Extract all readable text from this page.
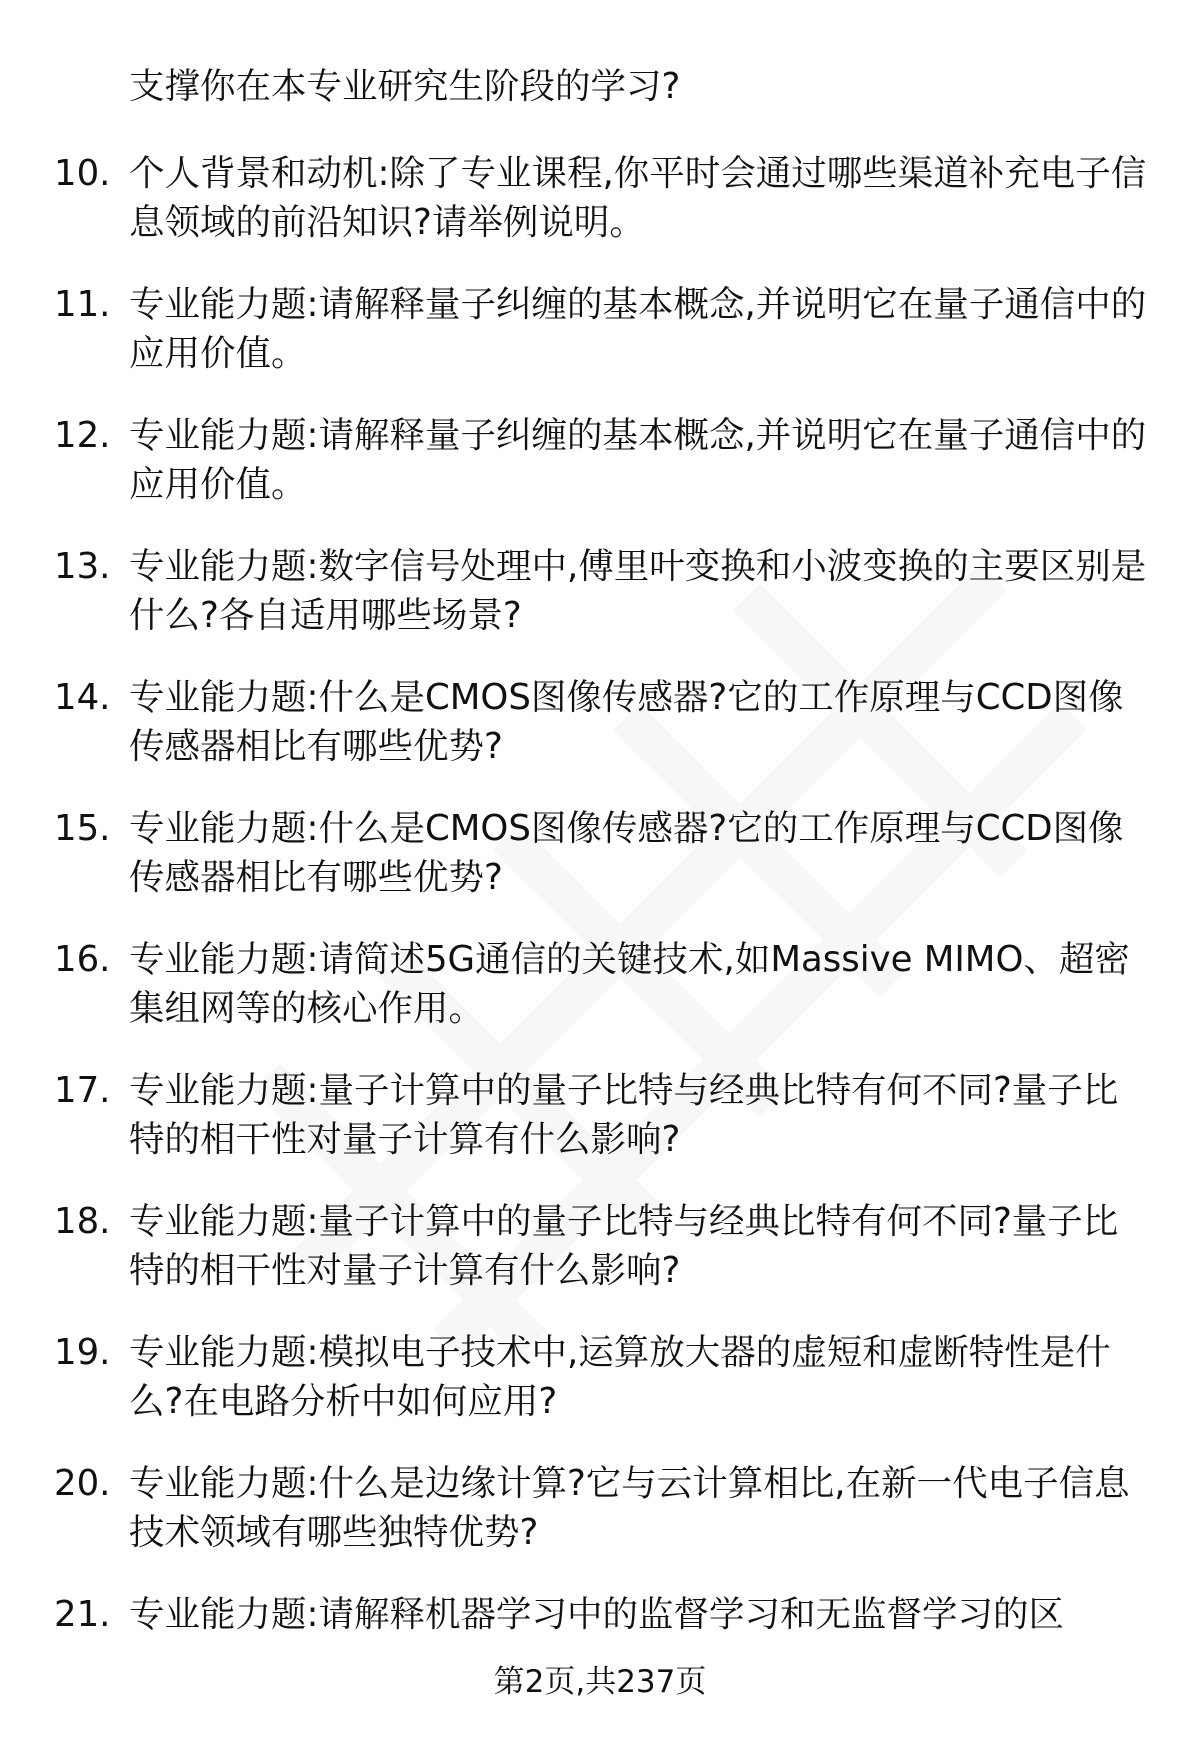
支撑你在本专业研究生阶段的学习?

10. 个人背景和动机:除了专业课程,你平时会通过哪些渠道补充电子信息领域的前沿知识?请举例说明。

11. 专业能力题:请解释量子纠缠的基本概念,并说明它在量子通信中的应用价值。

12. 专业能力题:请解释量子纠缠的基本概念,并说明它在量子通信中的应用价值。

13. 专业能力题:数字信号处理中,傅里叶变换和小波变换的主要区别是什么?各自适用哪些场景?

14. 专业能力题:什么是CMOS图像传感器?它的工作原理与CCD图像传感器相比有哪些优势?

15. 专业能力题:什么是CMOS图像传感器?它的工作原理与CCD图像传感器相比有哪些优势?

16. 专业能力题:请简述5G通信的关键技术,如Massive MIMO、超密集组网等的核心作用。

17. 专业能力题:量子计算中的量子比特与经典比特有何不同?量子比特的相干性对量子计算有什么影响?

18. 专业能力题:量子计算中的量子比特与经典比特有何不同?量子比特的相干性对量子计算有什么影响?

19. 专业能力题:模拟电子技术中,运算放大器的虚短和虚断特性是什么?在电路分析中如何应用?

20. 专业能力题:什么是边缘计算?它与云计算相比,在新一代电子信息技术领域有哪些独特优势?

21. 专业能力题:请解释机器学习中的监督学习和无监督学习的区

第2页,共237页
